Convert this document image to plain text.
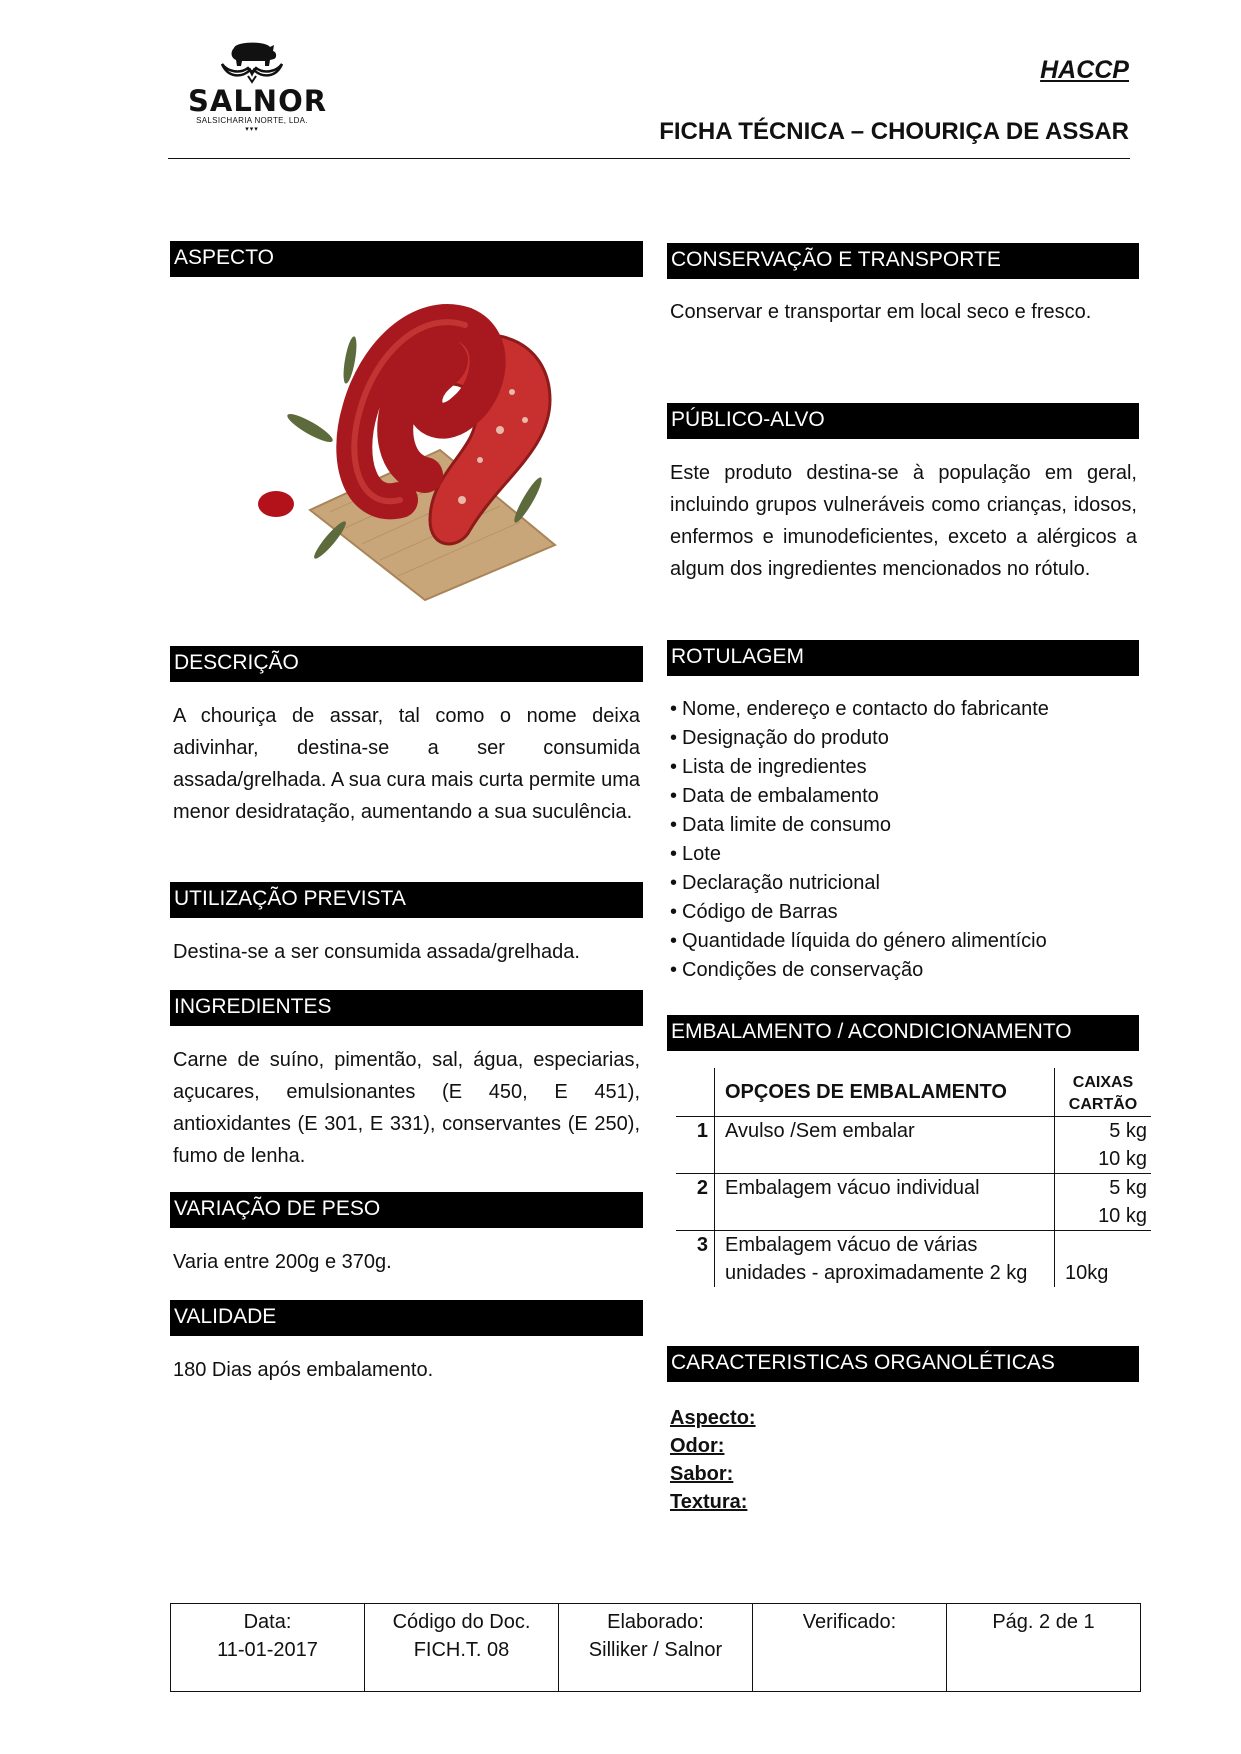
SALNOR
SALSICHARIA NORTE, LDA.
▾▾▾
HACCP
FICHA TÉCNICA – CHOURIÇA DE ASSAR
ASPECTO
DESCRIÇÃO
A chouriça de assar, tal como o nome deixa adivinhar, destina-se a ser consumida assada/grelhada. A sua cura mais curta permite uma menor desidratação, aumentando a sua suculência.
UTILIZAÇÃO PREVISTA
Destina-se a ser consumida assada/grelhada.
INGREDIENTES
Carne de suíno, pimentão, sal, água, especiarias, açucares, emulsionantes (E 450, E 451), antioxidantes (E 301, E 331), conservantes (E 250), fumo de lenha.
VARIAÇÃO DE PESO
Varia entre 200g e 370g.
VALIDADE
180 Dias após embalamento.
CONSERVAÇÃO E TRANSPORTE
Conservar e transportar em local seco e fresco.
PÚBLICO-ALVO
Este produto destina-se à população em geral, incluindo grupos vulneráveis como crianças, idosos, enfermos e imunodeficientes, exceto a alérgicos a algum dos ingredientes mencionados no rótulo.
ROTULAGEM
• Nome, endereço e contacto do fabricante
• Designação do produto
• Lista de ingredientes
• Data de embalamento
• Data limite de consumo
• Lote
• Declaração nutricional
• Código de Barras
• Quantidade líquida do género alimentício
• Condições de conservação
EMBALAMENTO / ACONDICIONAMENTO
	OPÇOES DE EMBALAMENTO	CAIXAS
CARTÃO

1	Avulso /Sem embalar	5 kg
10 kg

2	Embalagem vácuo individual	5 kg
10 kg

3	Embalagem vácuo de várias
unidades - aproximadamente 2 kg	10kg
CARACTERISTICAS ORGANOLÉTICAS
Aspecto:
Odor:
Sabor:
Textura:
Data:
11-01-2017

Código do Doc.
FICH.T. 08

Elaborado:
Silliker / Salnor

Verificado:	Pág. 2 de 1
